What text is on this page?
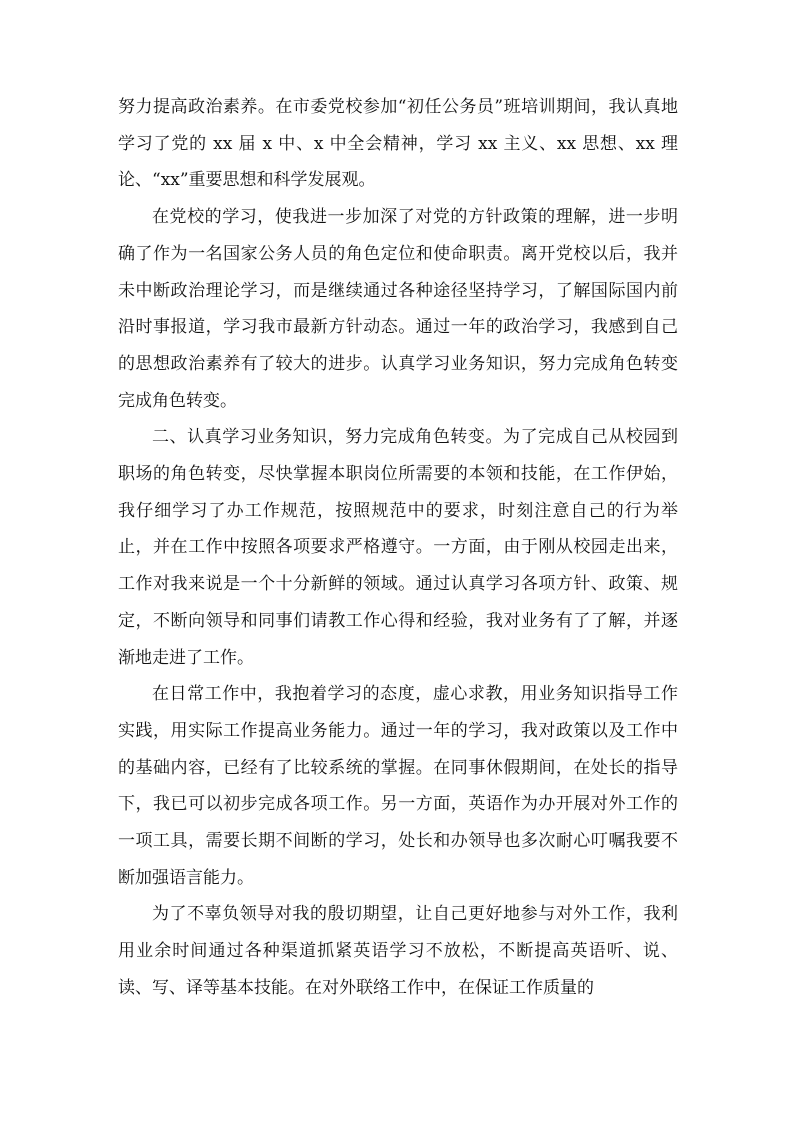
努力提高政治素养。在市委党校参加“初任公务员”班培训期间，我认真地学习了党的 xx 届 x 中、x 中全会精神，学习 xx 主义、xx 思想、xx 理论、“xx”重要思想和科学发展观。

在党校的学习，使我进一步加深了对党的方针政策的理解，进一步明确了作为一名国家公务人员的角色定位和使命职责。离开党校以后，我并未中断政治理论学习，而是继续通过各种途径坚持学习，了解国际国内前沿时事报道，学习我市最新方针动态。通过一年的政治学习，我感到自己的思想政治素养有了较大的进步。认真学习业务知识，努力完成角色转变完成角色转变。

二、认真学习业务知识，努力完成角色转变。为了完成自己从校园到职场的角色转变，尽快掌握本职岗位所需要的本领和技能，在工作伊始，我仔细学习了办工作规范，按照规范中的要求，时刻注意自己的行为举止，并在工作中按照各项要求严格遵守。一方面，由于刚从校园走出来，工作对我来说是一个十分新鲜的领域。通过认真学习各项方针、政策、规定，不断向领导和同事们请教工作心得和经验，我对业务有了了解，并逐渐地走进了工作。

在日常工作中，我抱着学习的态度，虚心求教，用业务知识指导工作实践，用实际工作提高业务能力。通过一年的学习，我对政策以及工作中的基础内容，已经有了比较系统的掌握。在同事休假期间，在处长的指导下，我已可以初步完成各项工作。另一方面，英语作为办开展对外工作的一项工具，需要长期不间断的学习，处长和办领导也多次耐心叮嘱我要不断加强语言能力。

为了不辜负领导对我的殷切期望，让自己更好地参与对外工作，我利用业余时间通过各种渠道抓紧英语学习不放松，不断提高英语听、说、读、写、译等基本技能。在对外联络工作中，在保证工作质量的
